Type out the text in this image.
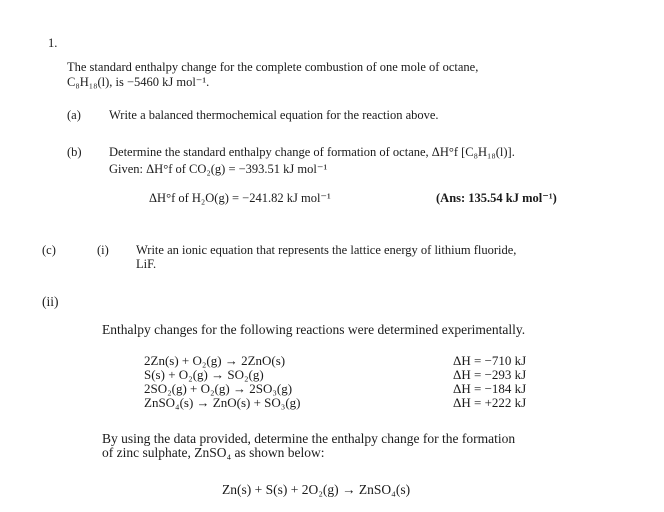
1.
The standard enthalpy change for the complete combustion of one mole of octane,
C₈H₁₈(l), is −5460 kJ mol⁻¹.
(a) Write a balanced thermochemical equation for the reaction above.
(b) Determine the standard enthalpy change of formation of octane, ΔH°f [C₈H₁₈(l)].
Given: ΔH°f of CO₂(g) = −393.51 kJ mol⁻¹
ΔH°f of H₂O(g) = −241.82 kJ mol⁻¹	(Ans: 135.54 kJ mol⁻¹)
(c)	(i) Write an ionic equation that represents the lattice energy of lithium fluoride,
LiF.
(ii)
Enthalpy changes for the following reactions were determined experimentally.
2Zn(s) + O₂(g) → 2ZnO(s)	ΔH = −710 kJ
S(s) + O₂(g) → SO₂(g)	ΔH = −293 kJ
2SO₂(g) + O₂(g) → 2SO₃(g)	ΔH = −184 kJ
ZnSO₄(s) → ZnO(s) + SO₃(g)	ΔH = +222 kJ
By using the data provided, determine the enthalpy change for the formation
of zinc sulphate, ZnSO₄ as shown below:
Zn(s) + S(s) + 2O₂(g) → ZnSO₄(s)
